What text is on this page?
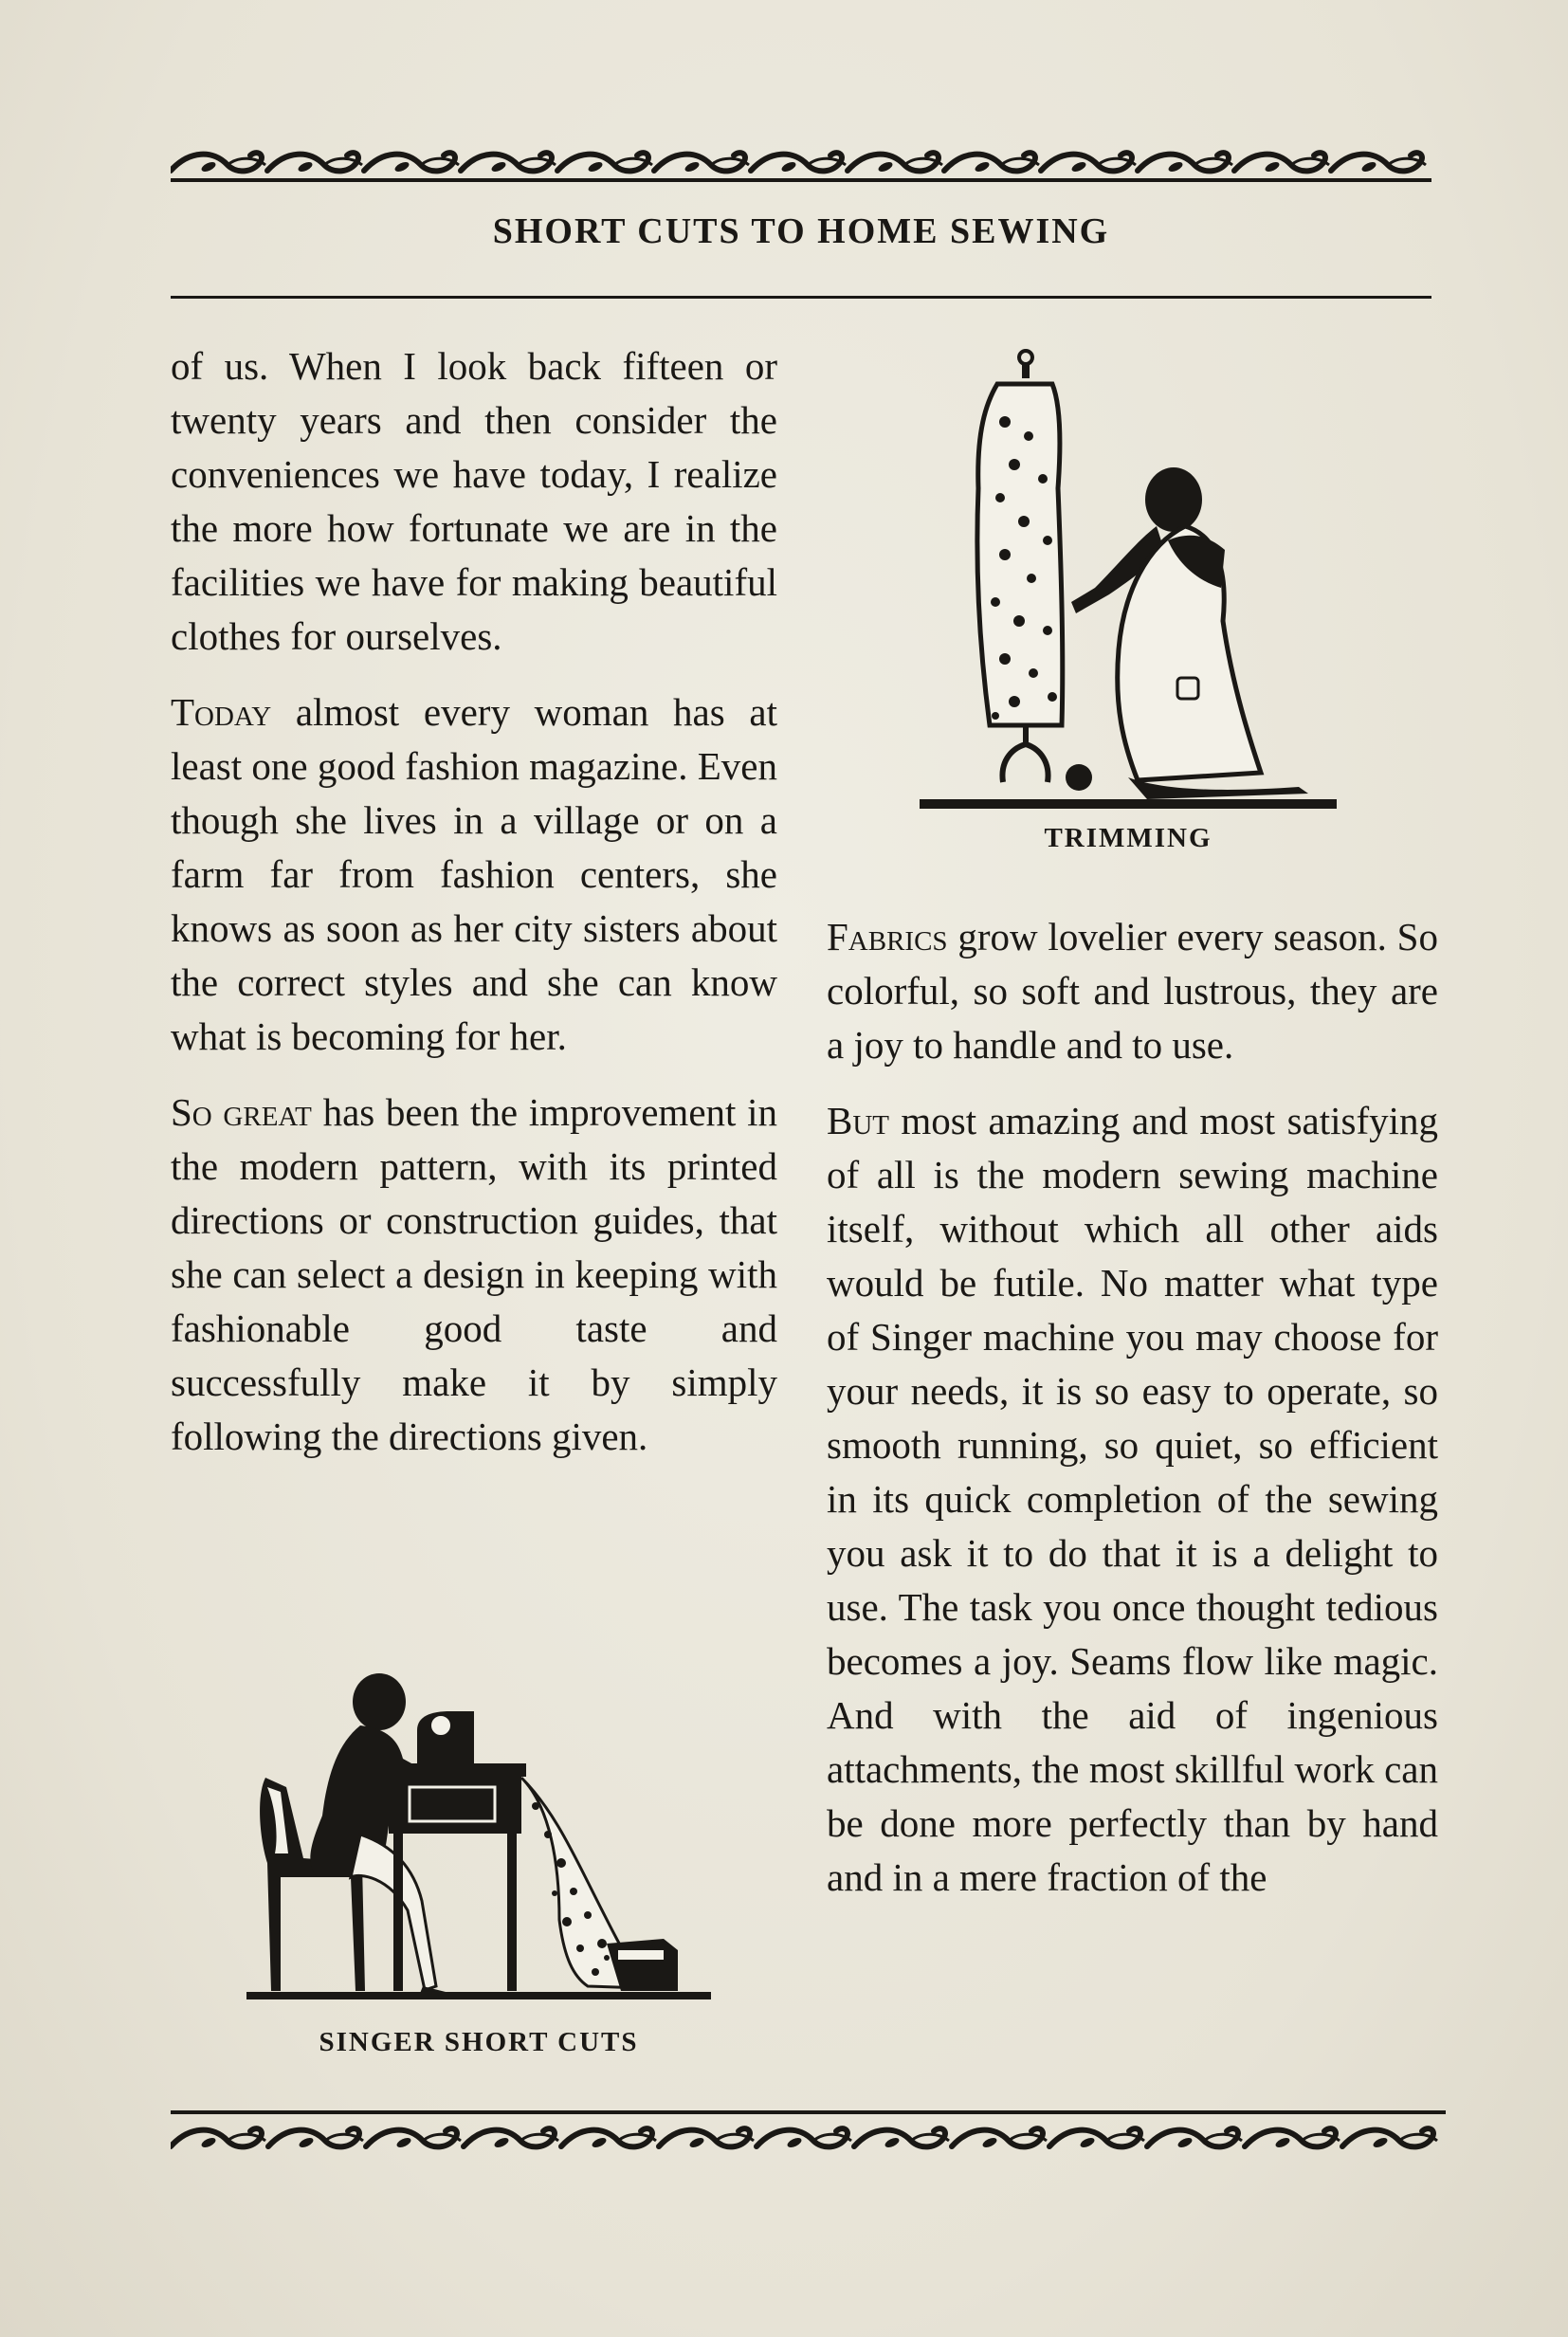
SHORT CUTS TO HOME SEWING

of us. When I look back fifteen or twenty years and then consider the conveniences we have today, I realize the more how fortunate we are in the facilities we have for making beautiful clothes for ourselves.

Today almost every woman has at least one good fashion magazine. Even though she lives in a village or on a farm far from fashion centers, she knows as soon as her city sisters about the correct styles and she can know what is becoming for her.

So great has been the improvement in the modern pattern, with its printed directions or construction guides, that she can select a design in keeping with fashionable good taste and successfully make it by simply following the directions given.

TRIMMING

Fabrics grow lovelier every season. So colorful, so soft and lustrous, they are a joy to handle and to use.

But most amazing and most satisfying of all is the modern sewing machine itself, without which all other aids would be futile. No matter what type of Singer machine you may choose for your needs, it is so easy to operate, so smooth running, so quiet, so efficient in its quick completion of the sewing you ask it to do that it is a delight to use. The task you once thought tedious becomes a joy. Seams flow like magic. And with the aid of ingenious attachments, the most skillful work can be done more perfectly than by hand and in a mere fraction of the

SINGER SHORT CUTS
